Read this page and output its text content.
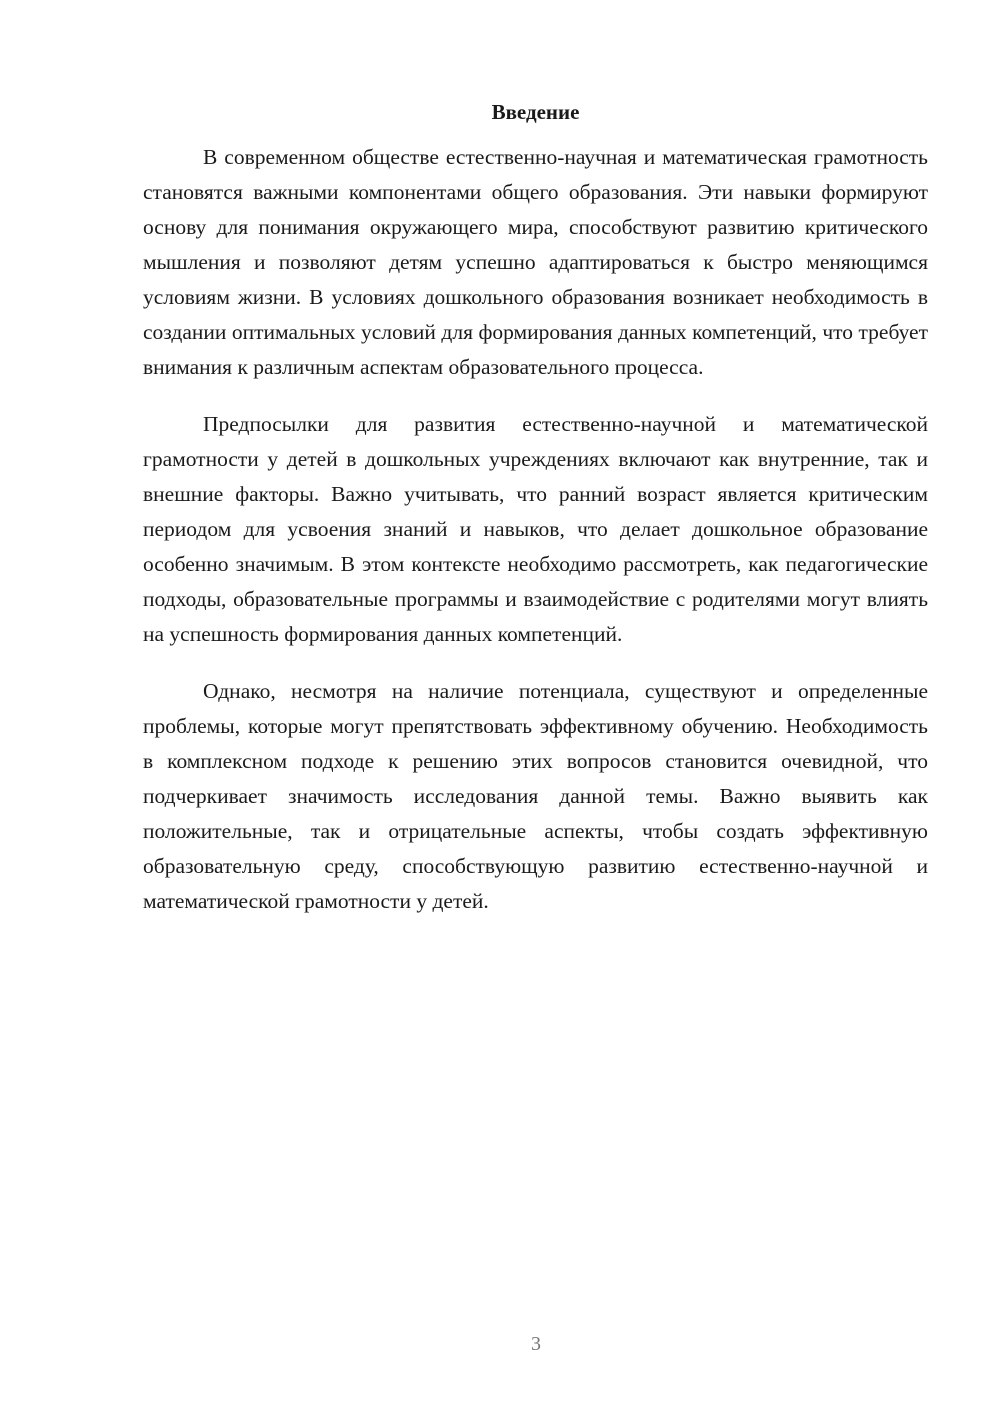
Введение

В современном обществе естественно-научная и математическая грамотность становятся важными компонентами общего образования. Эти навыки формируют основу для понимания окружающего мира, способствуют развитию критического мышления и позволяют детям успешно адаптироваться к быстро меняющимся условиям жизни. В условиях дошкольного образования возникает необходимость в создании оптимальных условий для формирования данных компетенций, что требует внимания к различным аспектам образовательного процесса.

Предпосылки для развития естественно-научной и математической грамотности у детей в дошкольных учреждениях включают как внутренние, так и внешние факторы. Важно учитывать, что ранний возраст является критическим периодом для усвоения знаний и навыков, что делает дошкольное образование особенно значимым. В этом контексте необходимо рассмотреть, как педагогические подходы, образовательные программы и взаимодействие с родителями могут влиять на успешность формирования данных компетенций.

Однако, несмотря на наличие потенциала, существуют и определенные проблемы, которые могут препятствовать эффективному обучению. Необходимость в комплексном подходе к решению этих вопросов становится очевидной, что подчеркивает значимость исследования данной темы. Важно выявить как положительные, так и отрицательные аспекты, чтобы создать эффективную образовательную среду, способствующую развитию естественно-научной и математической грамотности у детей.

3
